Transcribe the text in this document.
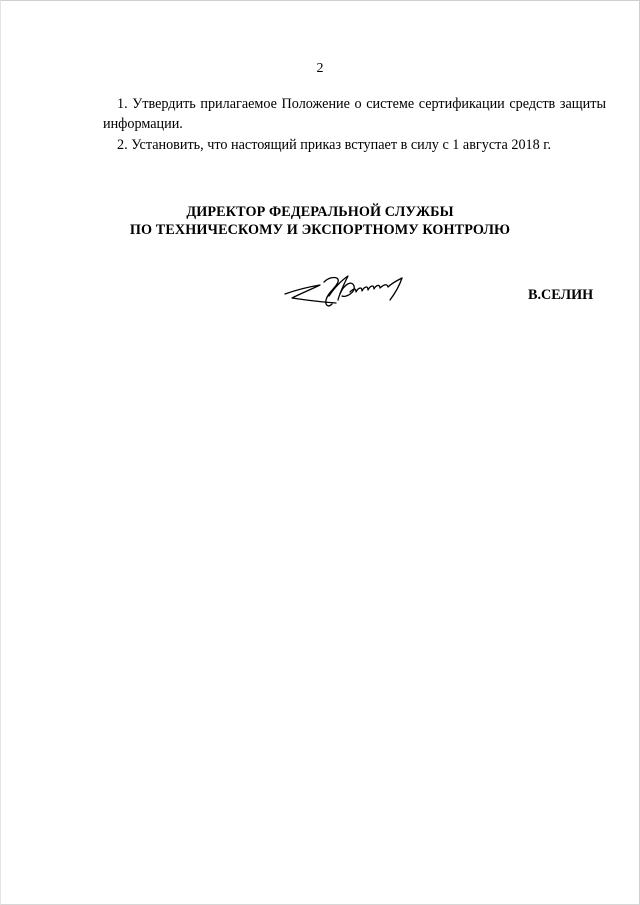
2

1. Утвердить прилагаемое Положение о системе сертификации средств защиты информации.

2. Установить, что настоящий приказ вступает в силу с 1 августа 2018 г.

ДИРЕКТОР ФЕДЕРАЛЬНОЙ СЛУЖБЫ
ПО ТЕХНИЧЕСКОМУ И ЭКСПОРТНОМУ КОНТРОЛЮ
В.СЕЛИН
